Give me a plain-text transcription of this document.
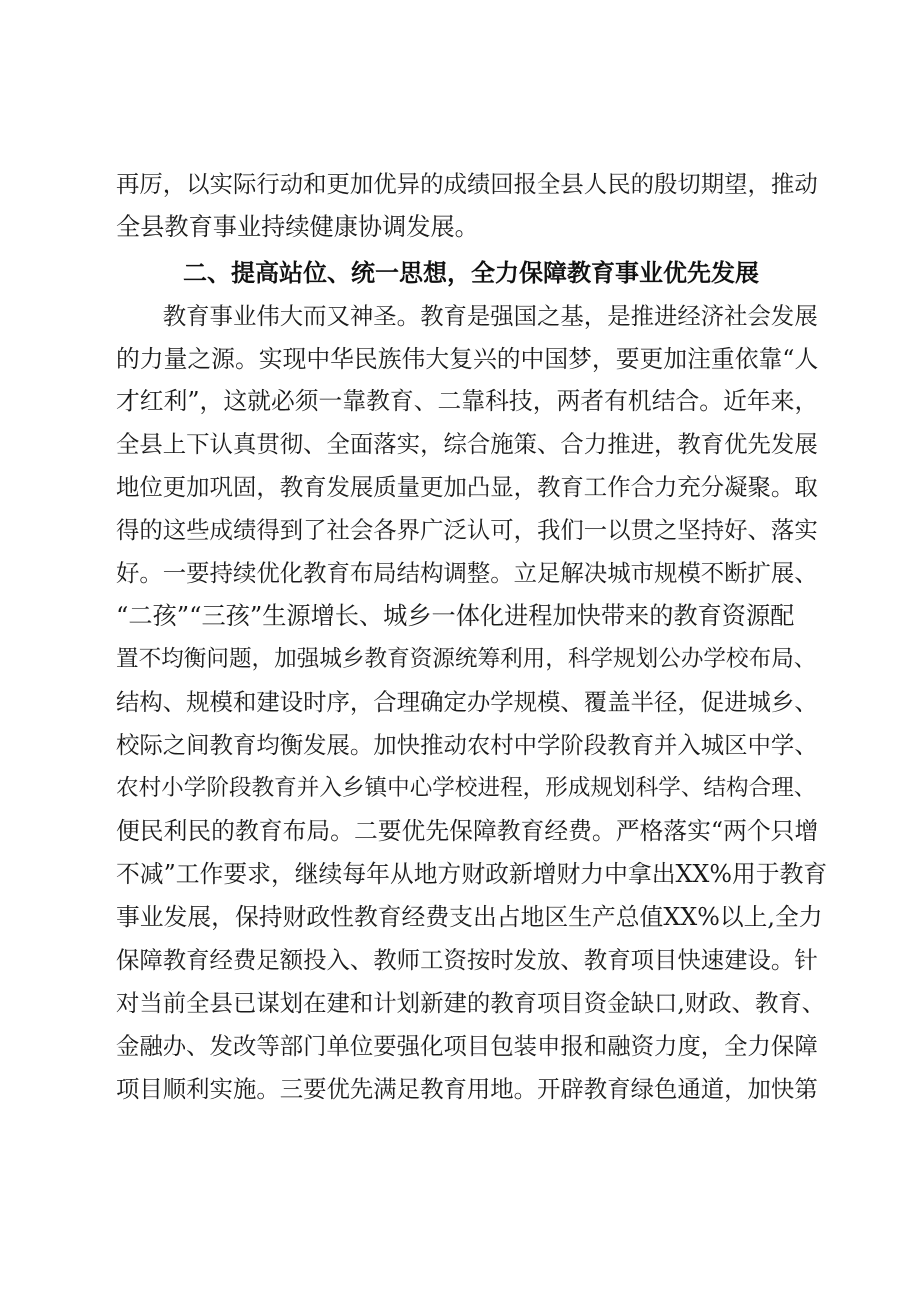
再厉，以实际行动和更加优异的成绩回报全县人民的殷切期望，推动
全县教育事业持续健康协调发展。
二、提高站位、统一思想，全力保障教育事业优先发展
　　教育事业伟大而又神圣。教育是强国之基，是推进经济社会发展
的力量之源。实现中华民族伟大复兴的中国梦，要更加注重依靠“人
才红利”，这就必须一靠教育、二靠科技，两者有机结合。近年来，
全县上下认真贯彻、全面落实，综合施策、合力推进，教育优先发展
地位更加巩固，教育发展质量更加凸显，教育工作合力充分凝聚。取
得的这些成绩得到了社会各界广泛认可，我们一以贯之坚持好、落实
好。一要持续优化教育布局结构调整。立足解决城市规模不断扩展、
“二孩”“三孩”生源增长、城乡一体化进程加快带来的教育资源配
置不均衡问题，加强城乡教育资源统筹利用，科学规划公办学校布局、
结构、规模和建设时序，合理确定办学规模、覆盖半径，促进城乡、
校际之间教育均衡发展。加快推动农村中学阶段教育并入城区中学、
农村小学阶段教育并入乡镇中心学校进程，形成规划科学、结构合理、
便民利民的教育布局。二要优先保障教育经费。严格落实“两个只增
不减”工作要求，继续每年从地方财政新增财力中拿出XX%用于教育
事业发展，保持财政性教育经费支出占地区生产总值XX%以上,全力
保障教育经费足额投入、教师工资按时发放、教育项目快速建设。针
对当前全县已谋划在建和计划新建的教育项目资金缺口,财政、教育、
金融办、发改等部门单位要强化项目包装申报和融资力度，全力保障
项目顺利实施。三要优先满足教育用地。开辟教育绿色通道，加快第
